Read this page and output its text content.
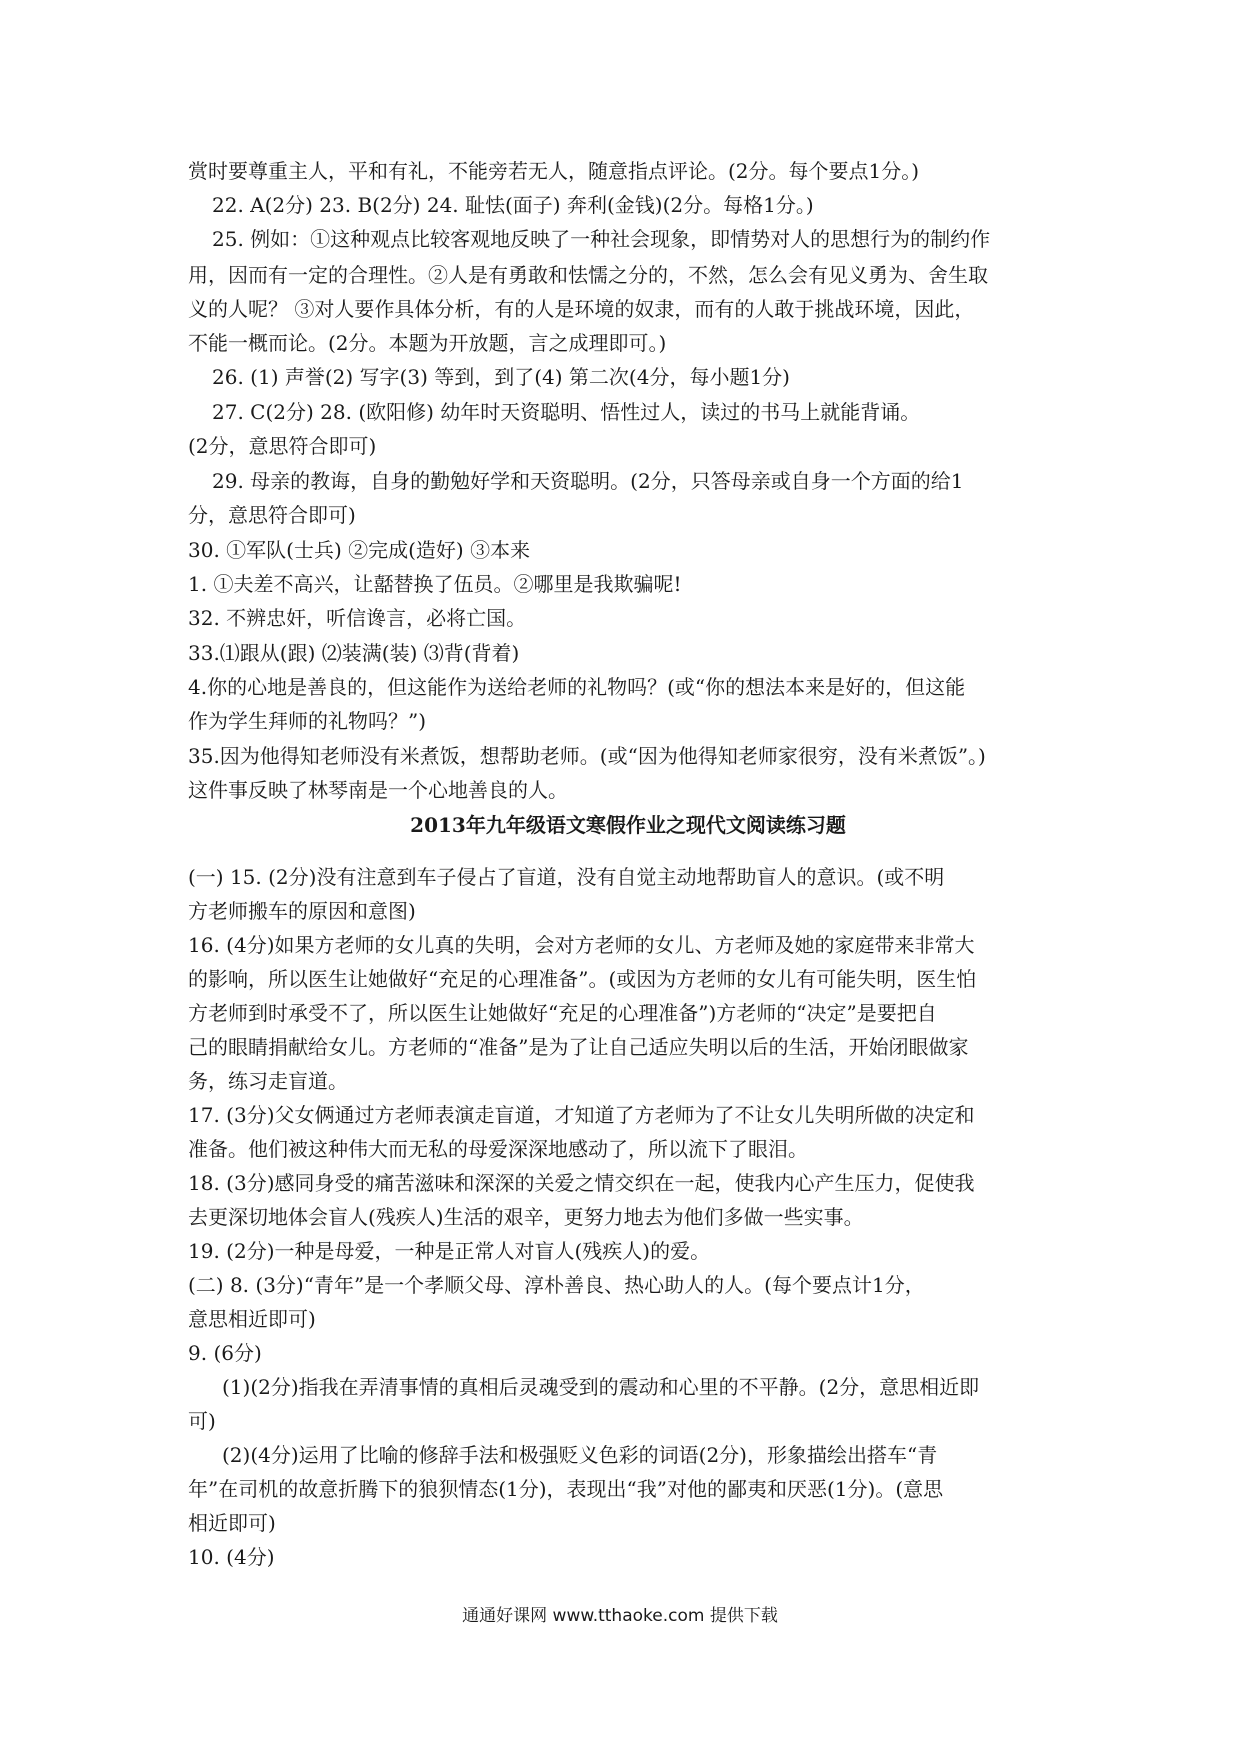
赏时要尊重主人，平和有礼，不能旁若无人，随意指点评论。(2分。每个要点1分。)
22. A(2分) 23. B(2分) 24. 耻怯(面子) 奔利(金钱)(2分。每格1分。)
25. 例如：①这种观点比较客观地反映了一种社会现象，即情势对人的思想行为的制约作
用，因而有一定的合理性。②人是有勇敢和怯懦之分的，不然，怎么会有见义勇为、舍生取
义的人呢？ ③对人要作具体分析，有的人是环境的奴隶，而有的人敢于挑战环境，因此，
不能一概而论。(2分。本题为开放题，言之成理即可。)
26. (1) 声誉(2) 写字(3) 等到，到了(4) 第二次(4分，每小题1分)
27. C(2分) 28. (欧阳修) 幼年时天资聪明、悟性过人，读过的书马上就能背诵。
(2分，意思符合即可)
29. 母亲的教诲，自身的勤勉好学和天资聪明。(2分，只答母亲或自身一个方面的给1
分，意思符合即可)
30. ①军队(士兵) ②完成(造好) ③本来
1. ①夫差不高兴，让嚭替换了伍员。②哪里是我欺骗呢!
32. 不辨忠奸，听信谗言，必将亡国。
33.⑴跟从(跟) ⑵装满(装) ⑶背(背着)
4.你的心地是善良的，但这能作为送给老师的礼物吗？(或“你的想法本来是好的，但这能
作为学生拜师的礼物吗？”)
35.因为他得知老师没有米煮饭，想帮助老师。(或“因为他得知老师家很穷，没有米煮饭”。)
这件事反映了林琴南是一个心地善良的人。
2013年九年级语文寒假作业之现代文阅读练习题
(一) 15. (2分)没有注意到车子侵占了盲道，没有自觉主动地帮助盲人的意识。(或不明
方老师搬车的原因和意图)
16. (4分)如果方老师的女儿真的失明，会对方老师的女儿、方老师及她的家庭带来非常大
的影响，所以医生让她做好“充足的心理准备”。(或因为方老师的女儿有可能失明，医生怕
方老师到时承受不了，所以医生让她做好“充足的心理准备”)方老师的“决定”是要把自
己的眼睛捐献给女儿。方老师的“准备”是为了让自己适应失明以后的生活，开始闭眼做家
务，练习走盲道。
17. (3分)父女俩通过方老师表演走盲道，才知道了方老师为了不让女儿失明所做的决定和
准备。他们被这种伟大而无私的母爱深深地感动了，所以流下了眼泪。
18. (3分)感同身受的痛苦滋味和深深的关爱之情交织在一起，使我内心产生压力，促使我
去更深切地体会盲人(残疾人)生活的艰辛，更努力地去为他们多做一些实事。
19. (2分)一种是母爱，一种是正常人对盲人(残疾人)的爱。
(二) 8. (3分)“青年”是一个孝顺父母、淳朴善良、热心助人的人。(每个要点计1分，
意思相近即可)
9. (6分)
(1)(2分)指我在弄清事情的真相后灵魂受到的震动和心里的不平静。(2分，意思相近即
可)
(2)(4分)运用了比喻的修辞手法和极强贬义色彩的词语(2分)，形象描绘出搭车“青
年”在司机的故意折腾下的狼狈情态(1分)，表现出“我”对他的鄙夷和厌恶(1分)。(意思
相近即可)
10. (4分)
通通好课网 www.tthaoke.com 提供下载
